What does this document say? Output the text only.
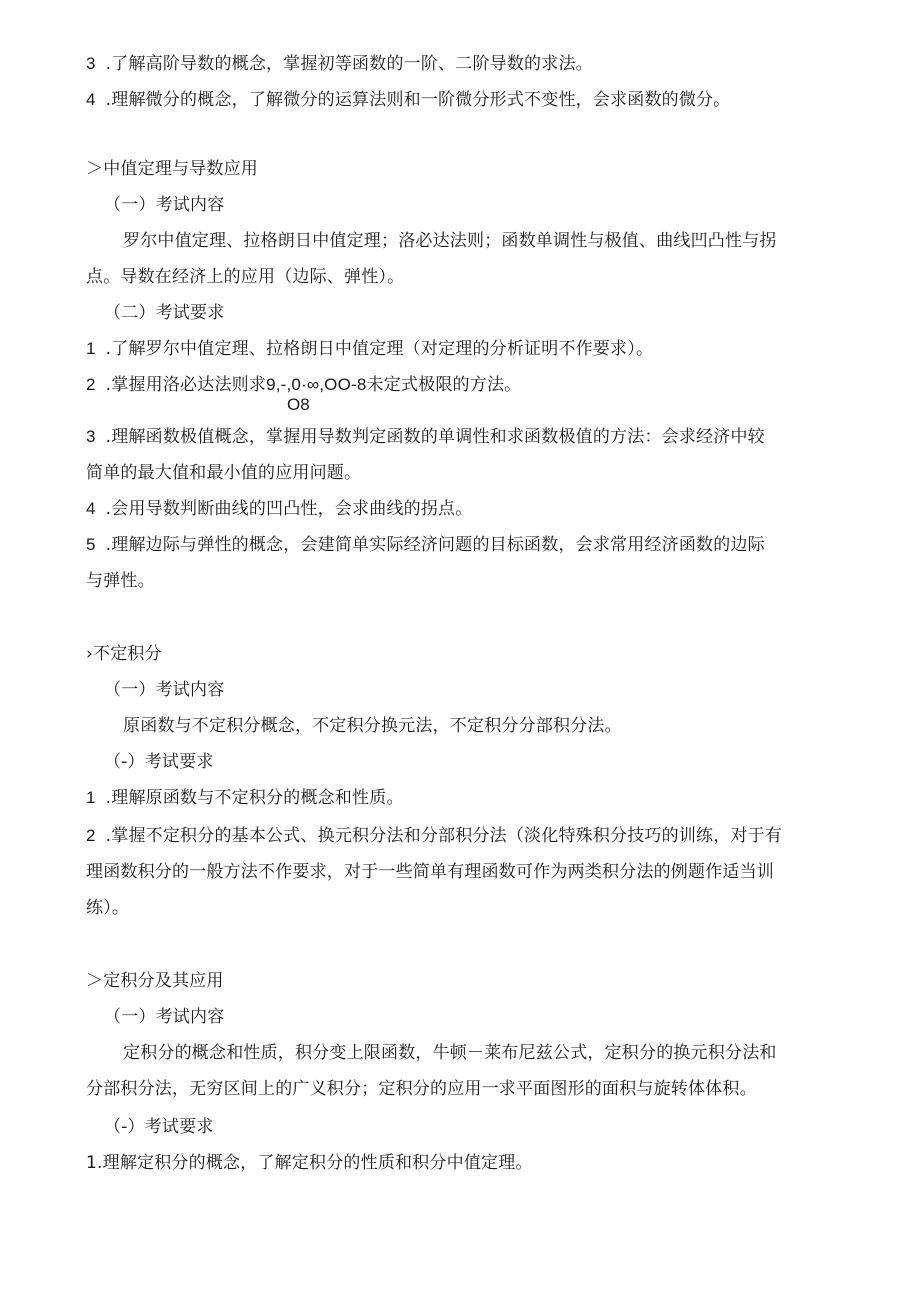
3 .了解高阶导数的概念，掌握初等函数的一阶、二阶导数的求法。
4 .理解微分的概念，了解微分的运算法则和一阶微分形式不变性，会求函数的微分。
＞中值定理与导数应用
（一）考试内容
罗尔中值定理、拉格朗日中值定理；洛必达法则；函数单调性与极值、曲线凹凸性与拐
点。导数在经济上的应用（边际、弹性）。
（二）考试要求
1 .了解罗尔中值定理、拉格朗日中值定理（对定理的分析证明不作要求）。
2 .掌握用洛必达法则求9,-,0·∞,OO-8未定式极限的方法。
O8
3 .理解函数极值概念，掌握用导数判定函数的单调性和求函数极值的方法：会求经济中较
简单的最大值和最小值的应用问题。
4 .会用导数判断曲线的凹凸性，会求曲线的拐点。
5 .理解边际与弹性的概念，会建简单实际经济问题的目标函数，会求常用经济函数的边际
与弹性。
›不定积分
（一）考试内容
原函数与不定积分概念，不定积分换元法，不定积分分部积分法。
（-）考试要求
1 .理解原函数与不定积分的概念和性质。
2 .掌握不定积分的基本公式、换元积分法和分部积分法（淡化特殊积分技巧的训练，对于有
理函数积分的一般方法不作要求，对于一些简单有理函数可作为两类积分法的例题作适当训
练）。
＞定积分及其应用
（一）考试内容
定积分的概念和性质，积分变上限函数，牛顿－莱布尼兹公式，定积分的换元积分法和
分部积分法，无穷区间上的广义积分；定积分的应用一求平面图形的面积与旋转体体积。
（-）考试要求
1.理解定积分的概念，了解定积分的性质和积分中值定理。
